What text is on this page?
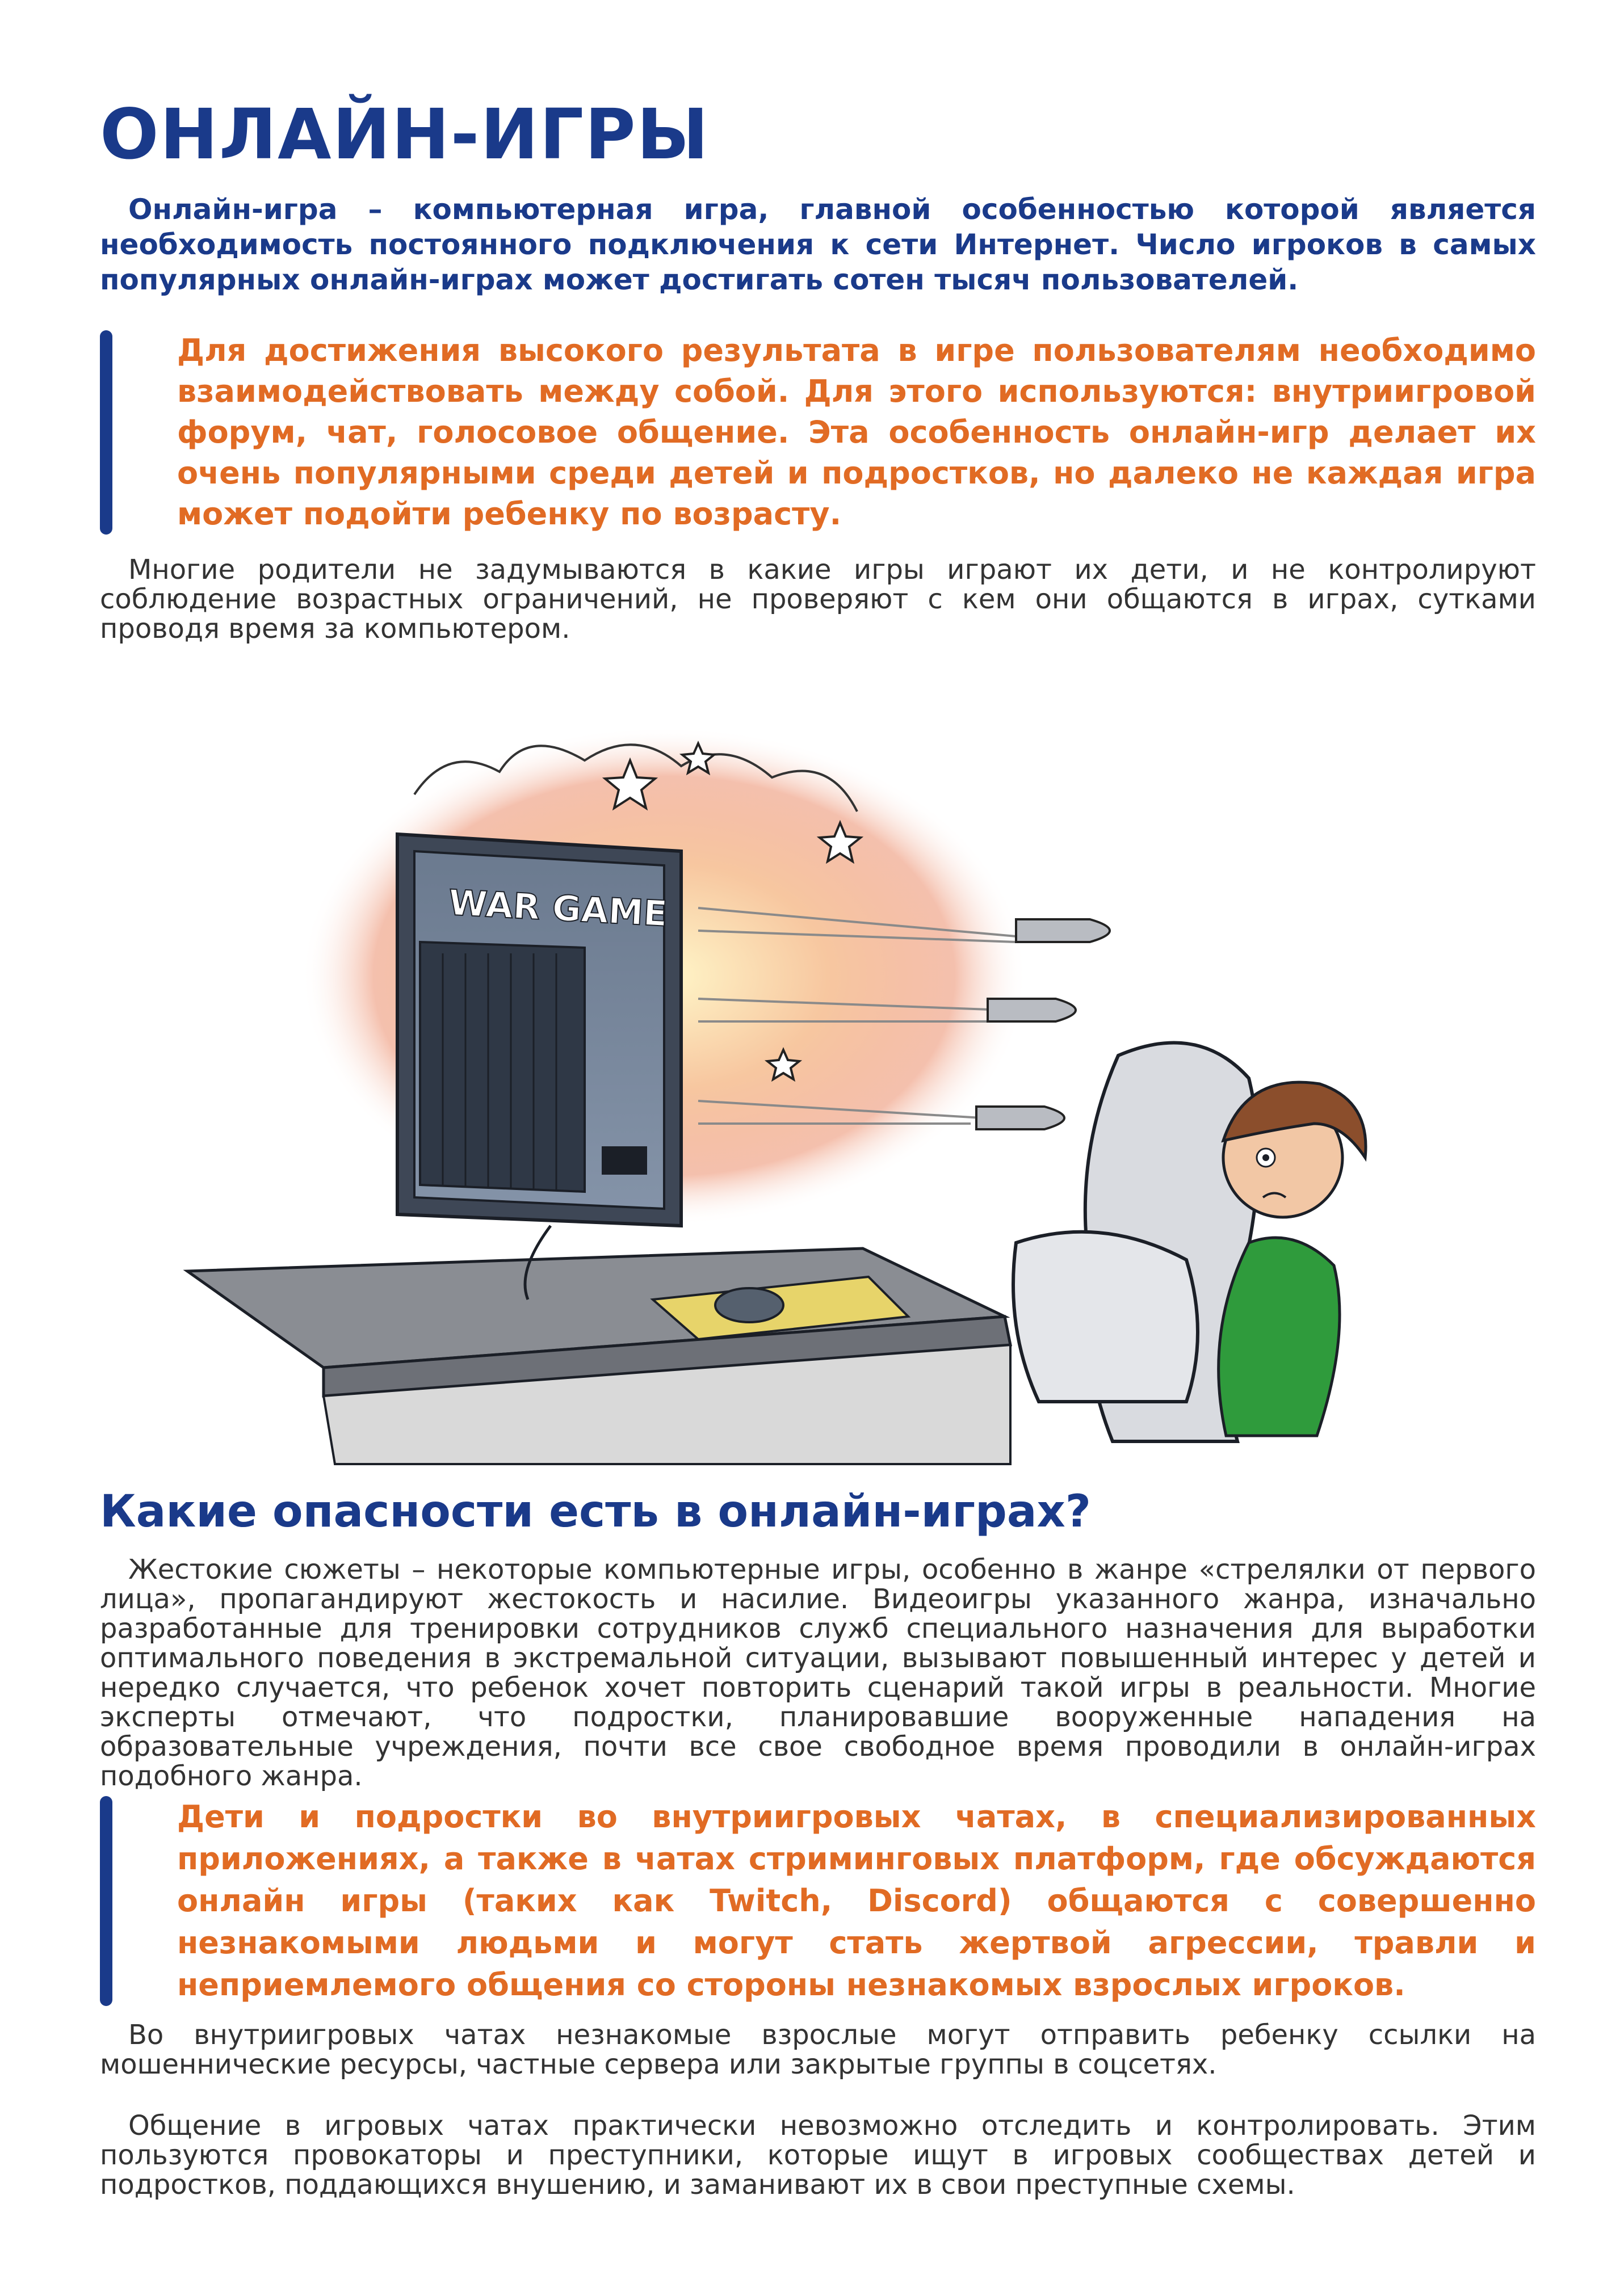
ОНЛАЙН-ИГРЫ

Онлайн-игра – компьютерная игра, главной особенностью которой является необходимость постоянного подключения к сети Интернет. Число игроков в самых популярных онлайн-играх может достигать сотен тысяч пользователей.

Для достижения высокого результата в игре пользователям необходимо взаимодействовать между собой. Для этого используются: внутриигровой форум, чат, голосовое общение. Эта особенность онлайн-игр делает их очень популярными среди детей и подростков, но далеко не каждая игра может подойти ребенку по возрасту.

Многие родители не задумываются в какие игры играют их дети, и не контролируют соблюдение возрастных ограничений, не проверяют с кем они общаются в играх, сутками проводя время за компьютером.

WAR GAME
Какие опасности есть в онлайн-играх?

Жестокие сюжеты – некоторые компьютерные игры, особенно в жанре «стрелялки от первого лица», пропагандируют жестокость и насилие. Видеоигры указанного жанра, изначально разработанные для тренировки сотрудников служб специального назначения для выработки оптимального поведения в экстремальной ситуации, вызывают повышенный интерес у детей и нередко случается, что ребенок хочет повторить сценарий такой игры в реальности. Многие эксперты отмечают, что подростки, планировавшие вооруженные нападения на образовательные учреждения, почти все свое свободное время проводили в онлайн-играх подобного жанра.

Дети и подростки во внутриигровых чатах, в специализированных приложениях, а также в чатах стриминговых платформ, где обсуждаются онлайн игры (таких как Twitch, Discord) общаются с совершенно незнакомыми людьми и могут стать жертвой агрессии, травли и неприемлемого общения со стороны незнакомых взрослых игроков.

Во внутриигровых чатах незнакомые взрослые могут отправить ребенку ссылки на мошеннические ресурсы, частные сервера или закрытые группы в соцсетях.

Общение в игровых чатах практически невозможно отследить и контролировать. Этим пользуются провокаторы и преступники, которые ищут в игровых сообществах детей и подростков, поддающихся внушению, и заманивают их в свои преступные схемы.
